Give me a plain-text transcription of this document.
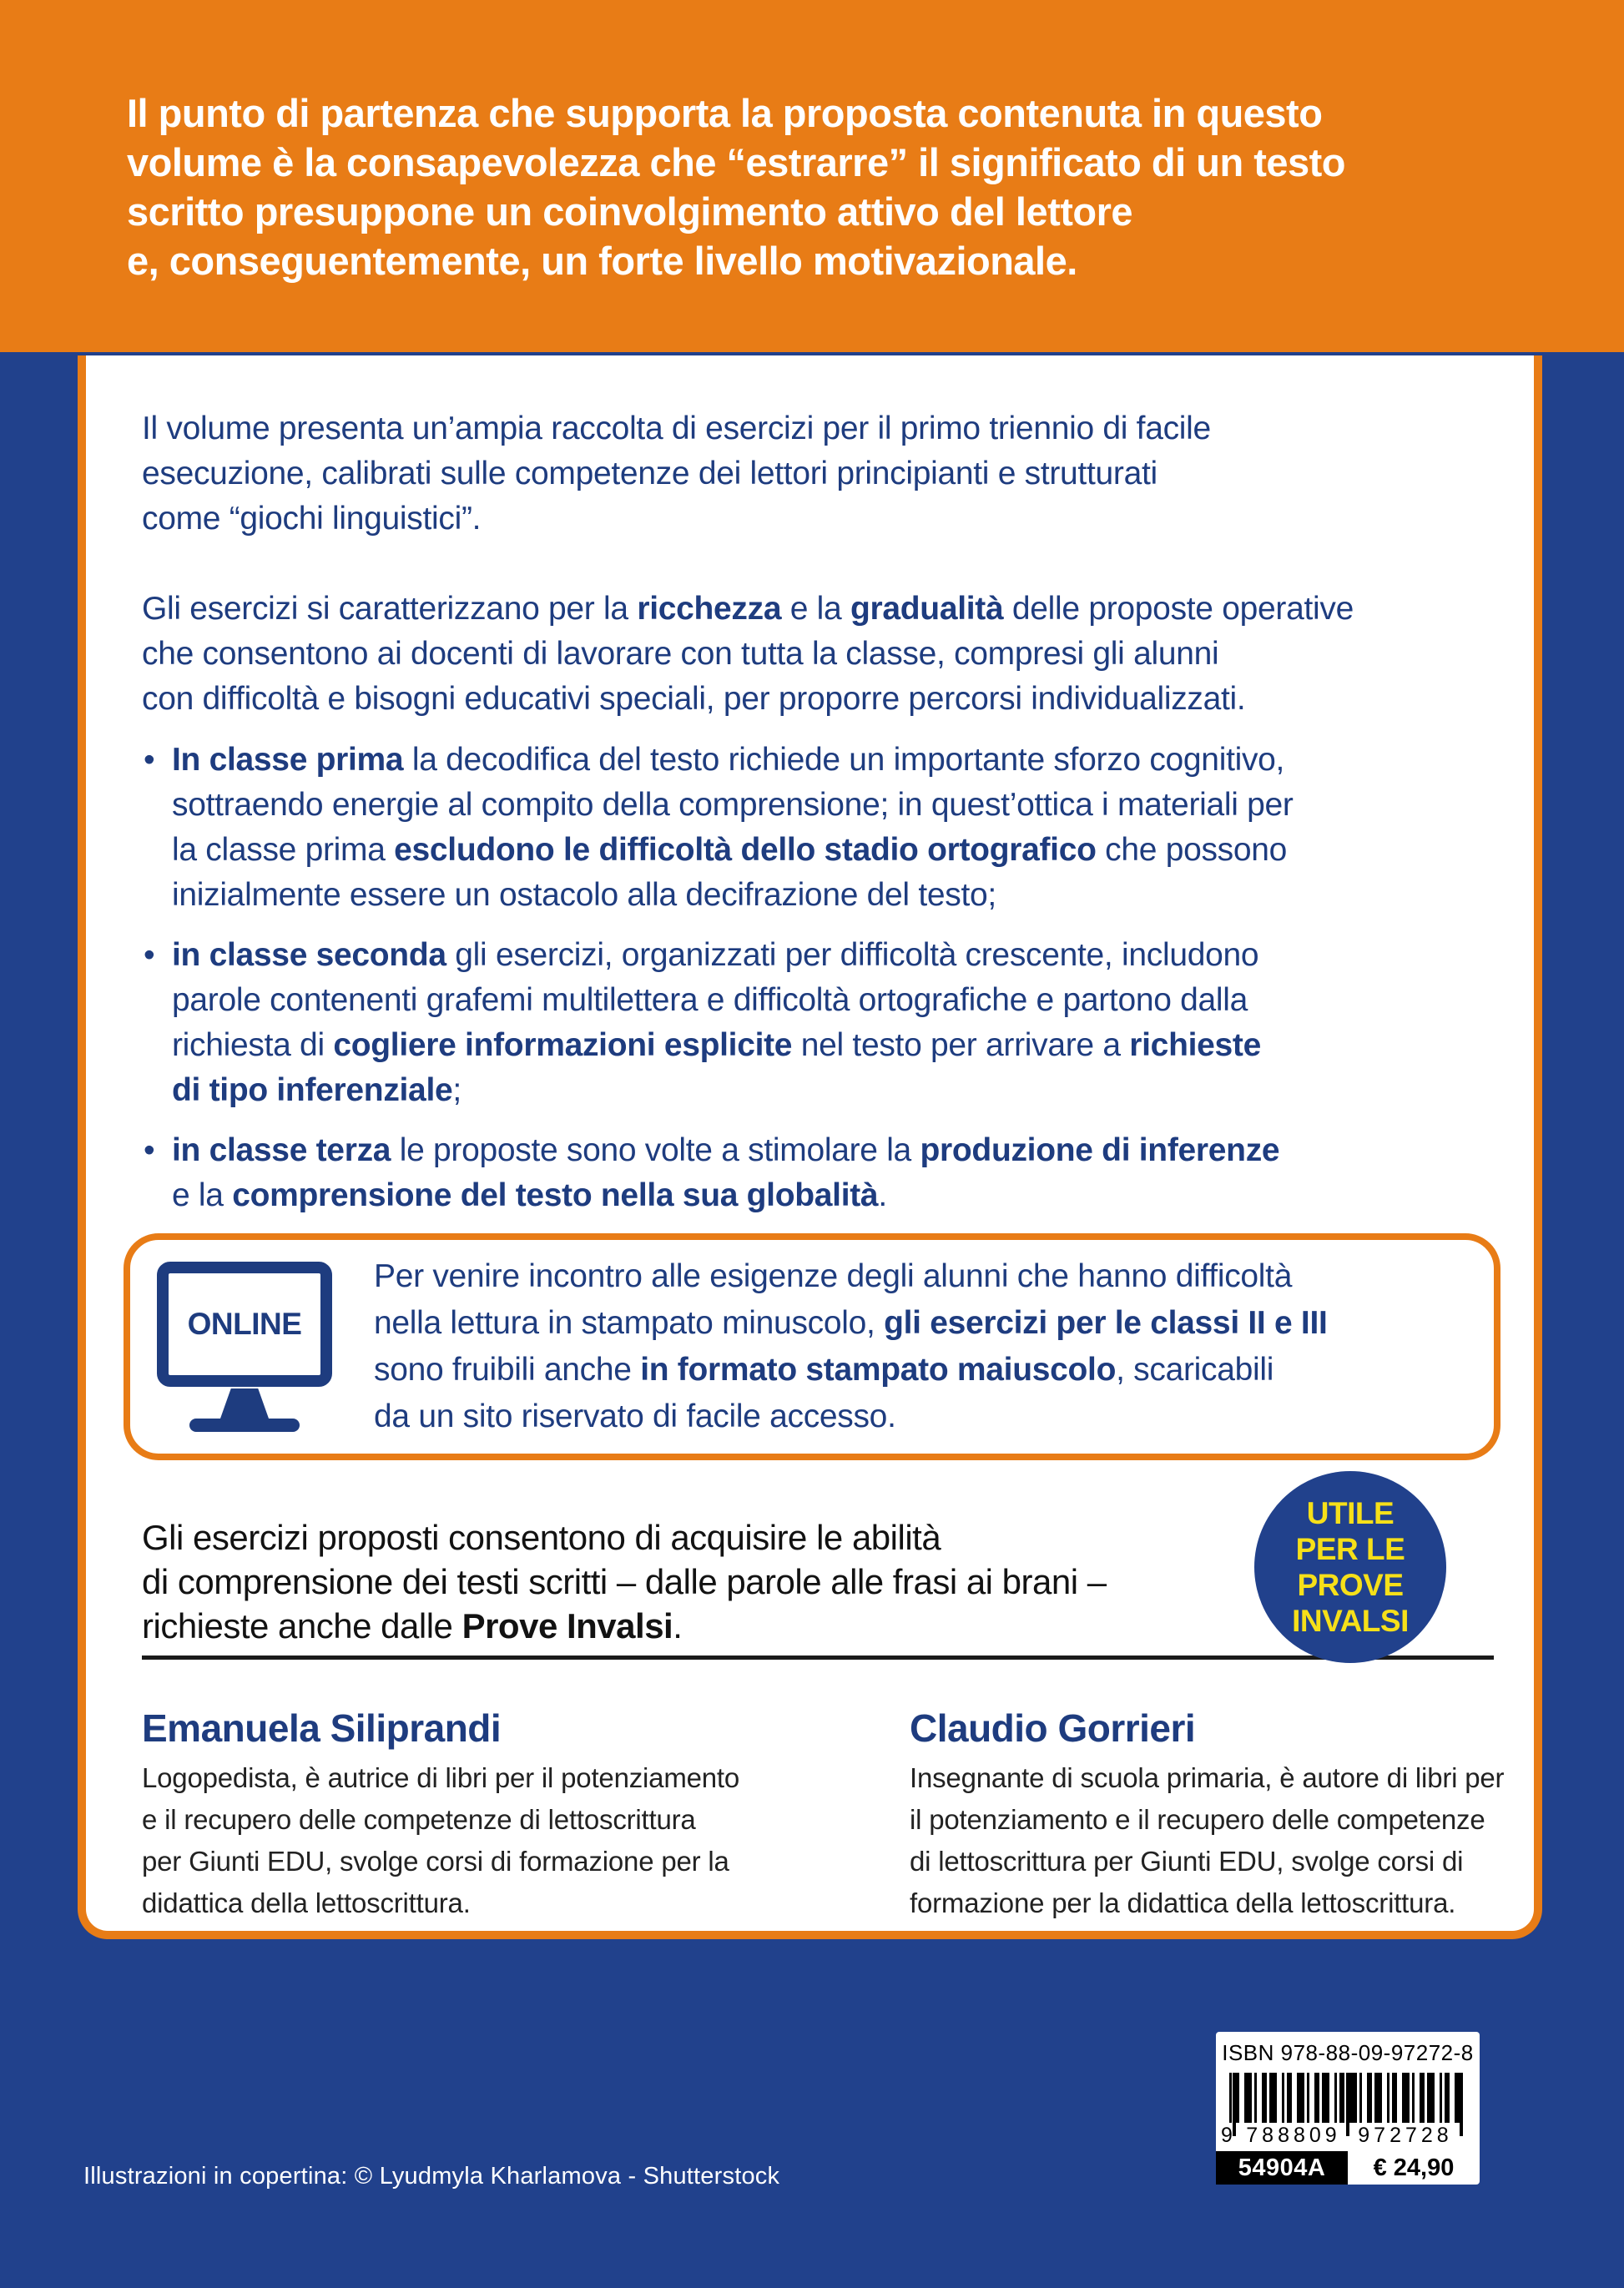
Il punto di partenza che supporta la proposta contenuta in questo
volume è la consapevolezza che “estrarre” il significato di un testo
scritto presuppone un coinvolgimento attivo del lettore
e, conseguentemente, un forte livello motivazionale.
Il volume presenta un’ampia raccolta di esercizi per il primo triennio di facile
esecuzione, calibrati sulle competenze dei lettori principianti e strutturati
come “giochi linguistici”.
Gli esercizi si caratterizzano per la ricchezza e la gradualità delle proposte operative
che consentono ai docenti di lavorare con tutta la classe, compresi gli alunni
con difficoltà e bisogni educativi speciali, per proporre percorsi individualizzati.
• In classe prima la decodifica del testo richiede un importante sforzo cognitivo,
sottraendo energie al compito della comprensione; in quest’ottica i materiali per
la classe prima escludono le difficoltà dello stadio ortografico che possono
inizialmente essere un ostacolo alla decifrazione del testo;
• in classe seconda gli esercizi, organizzati per difficoltà crescente, includono
parole contenenti grafemi multilettera e difficoltà ortografiche e partono dalla
richiesta di cogliere informazioni esplicite nel testo per arrivare a richieste
di tipo inferenziale;
• in classe terza le proposte sono volte a stimolare la produzione di inferenze
e la comprensione del testo nella sua globalità.
ONLINE
Per venire incontro alle esigenze degli alunni che hanno difficoltà
nella lettura in stampato minuscolo, gli esercizi per le classi II e III
sono fruibili anche in formato stampato maiuscolo, scaricabili
da un sito riservato di facile accesso.
Gli esercizi proposti consentono di acquisire le abilità
di comprensione dei testi scritti – dalle parole alle frasi ai brani –
richieste anche dalle Prove Invalsi.
Emanuela Siliprandi
Logopedista, è autrice di libri per il potenziamento
e il recupero delle competenze di lettoscrittura
per Giunti EDU, svolge corsi di formazione per la
didattica della lettoscrittura.
Claudio Gorrieri
Insegnante di scuola primaria, è autore di libri per
il potenziamento e il recupero delle competenze
di lettoscrittura per Giunti EDU, svolge corsi di
formazione per la didattica della lettoscrittura.
UTILE
PER LE
PROVE
INVALSI
ISBN 978-88-09-97272-8
9 788809 972728
54904A	€ 24,90
Illustrazioni in copertina: © Lyudmyla Kharlamova - Shutterstock
